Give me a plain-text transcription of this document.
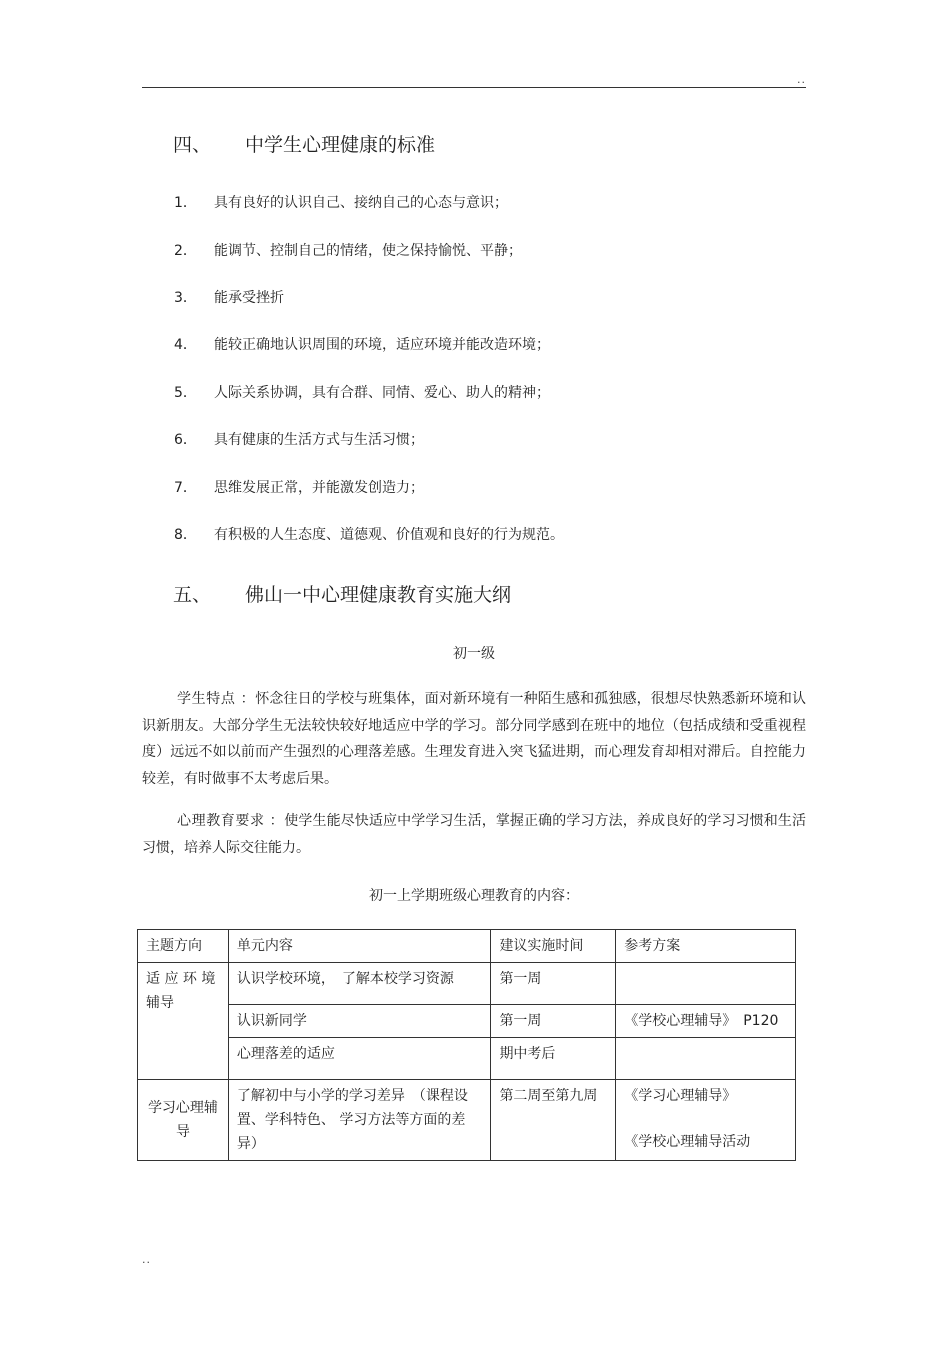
..
四、 中学生心理健康的标准
1． 具有良好的认识自己、接纳自己的心态与意识；
2． 能调节、控制自己的情绪，使之保持愉悦、平静；
3． 能承受挫折
4． 能较正确地认识周围的环境，适应环境并能改造环境；
5． 人际关系协调，具有合群、同情、爱心、助人的精神；
6． 具有健康的生活方式与生活习惯；
7． 思维发展正常，并能激发创造力；
8． 有积极的人生态度、道德观、价值观和良好的行为规范。
五、 佛山一中心理健康教育实施大纲
初一级
学生特点 ：怀念往日的学校与班集体，面对新环境有一种陌生感和孤独感，很想尽快熟悉新环境和认识新朋友。大部分学生无法较快较好地适应中学的学习。部分同学感到在班中的地位（包括成绩和受重视程度）远远不如以前而产生强烈的心理落差感。生理发育进入突飞猛进期，而心理发育却相对滞后。自控能力较差，有时做事不太考虑后果。
心理教育要求 ：使学生能尽快适应中学学习生活，掌握正确的学习方法，养成良好的学习习惯和生活习惯，培养人际交往能力。
初一上学期班级心理教育的内容：
主题方向	单元内容	建议实施时间	参考方案
适 应 环 境 辅导	认识学校环境，　了解本校学习资源	第一周	
	认识新同学	第一周	《学校心理辅导》　P120
	心理落差的适应	期中考后	
学习心理辅导	了解初中与小学的学习差异　（课程设置、学科特色、 学习方法等方面的差异）	第二周至第九周	《学习心理辅导》
《学校心理辅导活动
..
